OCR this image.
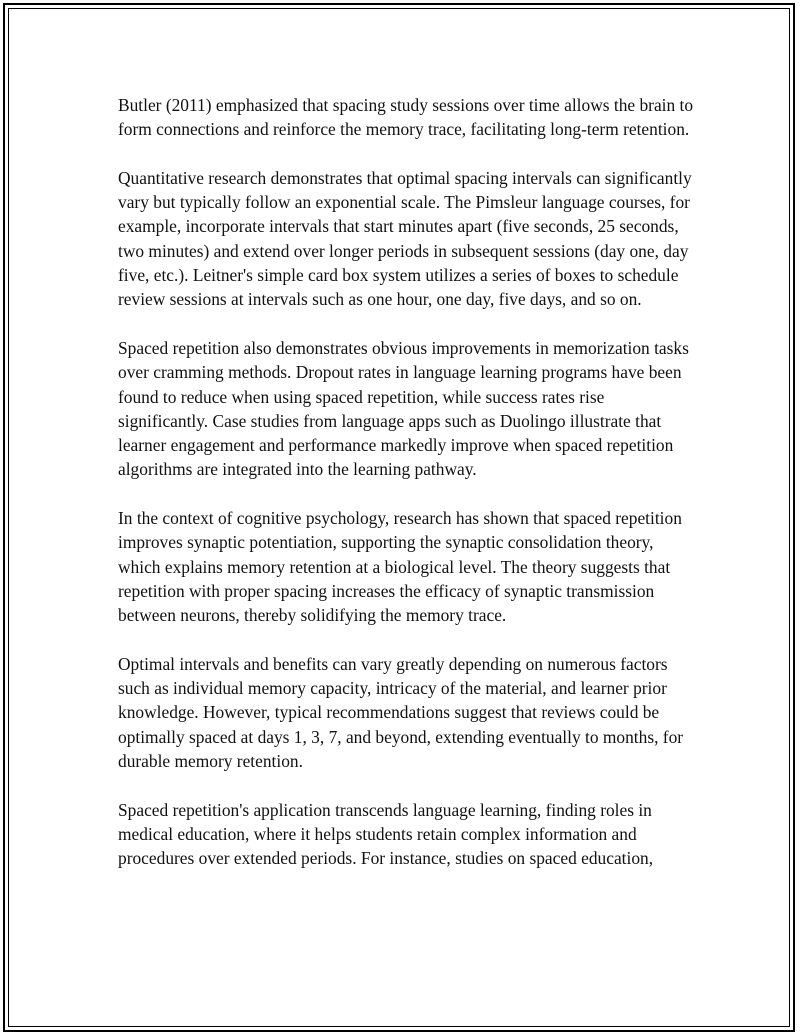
Butler (2011) emphasized that spacing study sessions over time allows the brain to form connections and reinforce the memory trace, facilitating long-term retention.

Quantitative research demonstrates that optimal spacing intervals can significantly vary but typically follow an exponential scale. The Pimsleur language courses, for example, incorporate intervals that start minutes apart (five seconds, 25 seconds, two minutes) and extend over longer periods in subsequent sessions (day one, day five, etc.). Leitner's simple card box system utilizes a series of boxes to schedule review sessions at intervals such as one hour, one day, five days, and so on.

Spaced repetition also demonstrates obvious improvements in memorization tasks over cramming methods. Dropout rates in language learning programs have been found to reduce when using spaced repetition, while success rates rise significantly. Case studies from language apps such as Duolingo illustrate that learner engagement and performance markedly improve when spaced repetition algorithms are integrated into the learning pathway.

In the context of cognitive psychology, research has shown that spaced repetition improves synaptic potentiation, supporting the synaptic consolidation theory, which explains memory retention at a biological level. The theory suggests that repetition with proper spacing increases the efficacy of synaptic transmission between neurons, thereby solidifying the memory trace.

Optimal intervals and benefits can vary greatly depending on numerous factors such as individual memory capacity, intricacy of the material, and learner prior knowledge. However, typical recommendations suggest that reviews could be optimally spaced at days 1, 3, 7, and beyond, extending eventually to months, for durable memory retention.

Spaced repetition's application transcends language learning, finding roles in medical education, where it helps students retain complex information and procedures over extended periods. For instance, studies on spaced education,
